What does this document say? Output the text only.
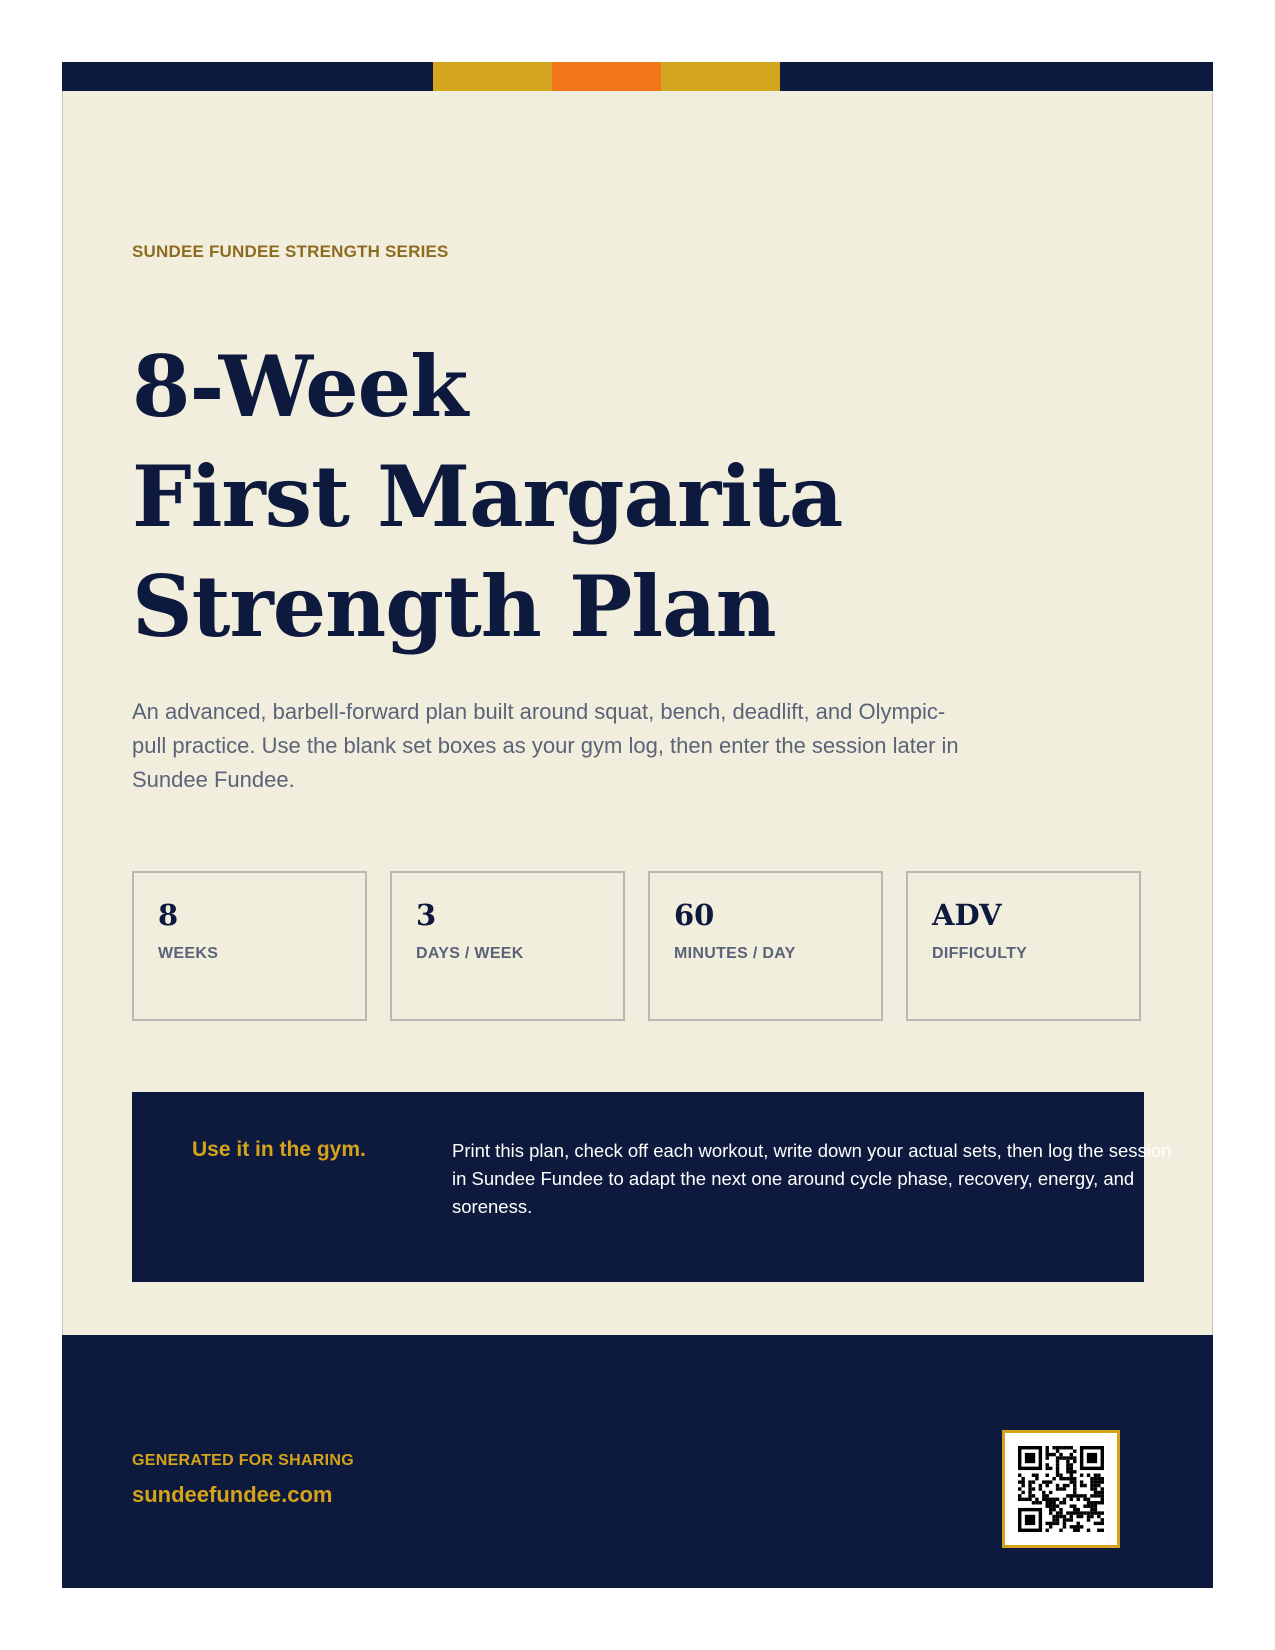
SUNDEE FUNDEE STRENGTH SERIES
8-Week
First Margarita
Strength Plan

An advanced, barbell-forward plan built around squat, bench, deadlift, and Olympic-pull practice. Use the blank set boxes as your gym log, then enter the session later in Sundee Fundee.

8
WEEKS
3
DAYS / WEEK
60
MINUTES / DAY
ADV
DIFFICULTY
Use it in the gym.	Print this plan, check off each workout, write down your actual sets, then log the session in Sundee Fundee to adapt the next one around cycle phase, recovery, energy, and soreness.

GENERATED FOR SHARING
sundeefundee.com
